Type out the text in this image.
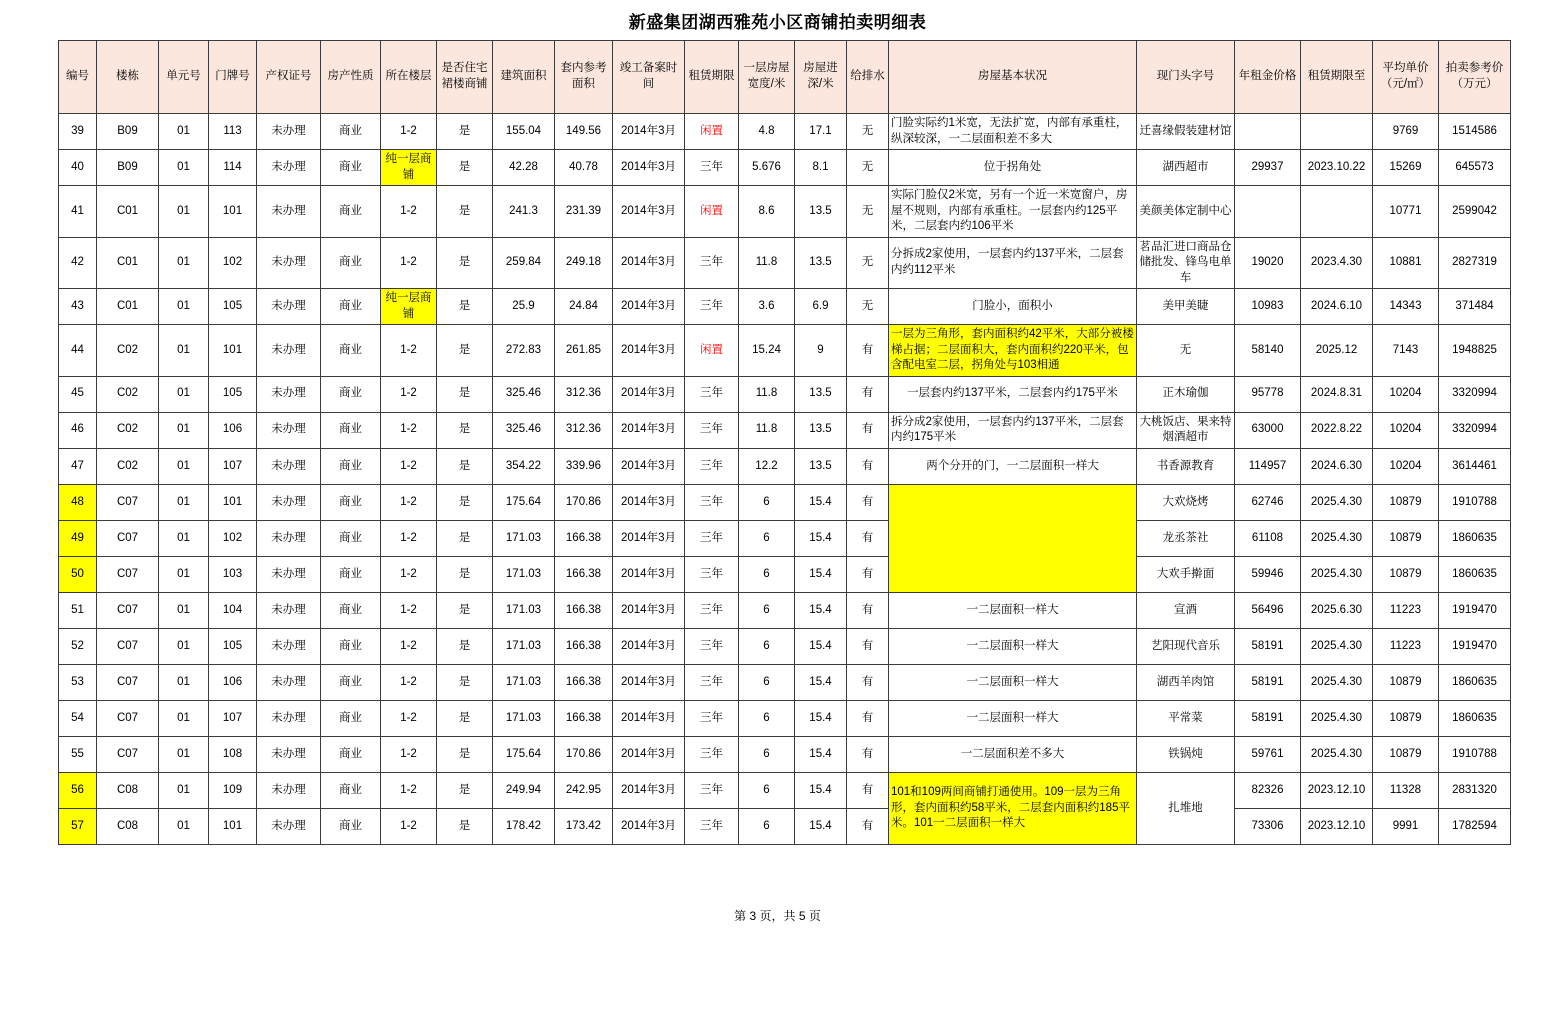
新盛集团湖西雅苑小区商铺拍卖明细表
编号	楼栋	单元号	门牌号	产权证号	房产性质	所在楼层	是否住宅裙楼商铺	建筑面积	套内参考面积	竣工备案时间	租赁期限	一层房屋宽度/米	房屋进深/米	给排水	房屋基本状况	现门头字号	年租金价格	租赁期限至	平均单价（元/㎡）	拍卖参考价（万元）
39	B09	01	113	未办理	商业	1-2	是	155.04	149.56	2014年3月	闲置	4.8	17.1	无	门脸实际约1米宽，无法扩宽，内部有承重柱，纵深较深，一二层面积差不多大	迁喜缘假装建材馆			9769	1514586
40	B09	01	114	未办理	商业	纯一层商铺	是	42.28	40.78	2014年3月	三年	5.676	8.1	无	位于拐角处	湖西超市	29937	2023.10.22	15269	645573
41	C01	01	101	未办理	商业	1-2	是	241.3	231.39	2014年3月	闲置	8.6	13.5	无	实际门脸仅2米宽，另有一个近一米宽窗户，房屋不规则，内部有承重柱。一层套内约125平米，二层套内约106平米	美颜美体定制中心			10771	2599042
42	C01	01	102	未办理	商业	1-2	是	259.84	249.18	2014年3月	三年	11.8	13.5	无	分拆成2家使用，一层套内约137平米，二层套内约112平米	茗品汇进口商品仓储批发、锋鸟电单车	19020	2023.4.30	10881	2827319
43	C01	01	105	未办理	商业	纯一层商铺	是	25.9	24.84	2014年3月	三年	3.6	6.9	无	门脸小，面积小	美甲美睫	10983	2024.6.10	14343	371484
44	C02	01	101	未办理	商业	1-2	是	272.83	261.85	2014年3月	闲置	15.24	9	有	一层为三角形，套内面积约42平米，大部分被楼梯占据；二层面积大，套内面积约220平米，包含配电室二层，拐角处与103相通	无	58140	2025.12	7143	1948825
45	C02	01	105	未办理	商业	1-2	是	325.46	312.36	2014年3月	三年	11.8	13.5	有	一层套内约137平米，二层套内约175平米	正木瑜伽	95778	2024.8.31	10204	3320994
46	C02	01	106	未办理	商业	1-2	是	325.46	312.36	2014年3月	三年	11.8	13.5	有	拆分成2家使用，一层套内约137平米，二层套内约175平米	大桃饭店、果来特烟酒超市	63000	2022.8.22	10204	3320994
47	C02	01	107	未办理	商业	1-2	是	354.22	339.96	2014年3月	三年	12.2	13.5	有	两个分开的门，一二层面积一样大	书香源教育	114957	2024.6.30	10204	3614461
48	C07	01	101	未办理	商业	1-2	是	175.64	170.86	2014年3月	三年	6	15.4	有		大欢烧烤	62746	2025.4.30	10879	1910788
49	C07	01	102	未办理	商业	1-2	是	171.03	166.38	2014年3月	三年	6	15.4	有		龙丞茶社	61108	2025.4.30	10879	1860635
50	C07	01	103	未办理	商业	1-2	是	171.03	166.38	2014年3月	三年	6	15.4	有		大欢手擀面	59946	2025.4.30	10879	1860635
51	C07	01	104	未办理	商业	1-2	是	171.03	166.38	2014年3月	三年	6	15.4	有	一二层面积一样大	宣酒	56496	2025.6.30	11223	1919470
52	C07	01	105	未办理	商业	1-2	是	171.03	166.38	2014年3月	三年	6	15.4	有	一二层面积一样大	艺阳现代音乐	58191	2025.4.30	11223	1919470
53	C07	01	106	未办理	商业	1-2	是	171.03	166.38	2014年3月	三年	6	15.4	有	一二层面积一样大	湖西羊肉馆	58191	2025.4.30	10879	1860635
54	C07	01	107	未办理	商业	1-2	是	171.03	166.38	2014年3月	三年	6	15.4	有	一二层面积一样大	平常菜	58191	2025.4.30	10879	1860635
55	C07	01	108	未办理	商业	1-2	是	175.64	170.86	2014年3月	三年	6	15.4	有	一二层面积差不多大	铁锅炖	59761	2025.4.30	10879	1910788
56	C08	01	109	未办理	商业	1-2	是	249.94	242.95	2014年3月	三年	6	15.4	有	101和109两间商铺打通使用。109一层为三角形，套内面积约58平米，二层套内面积约185平米。101一二层面积一样大	扎堆地	82326	2023.12.10	11328	2831320
57	C08	01	101	未办理	商业	1-2	是	178.42	173.42	2014年3月	三年	6	15.4	有			73306	2023.12.10	9991	1782594
第 3 页，共 5 页
